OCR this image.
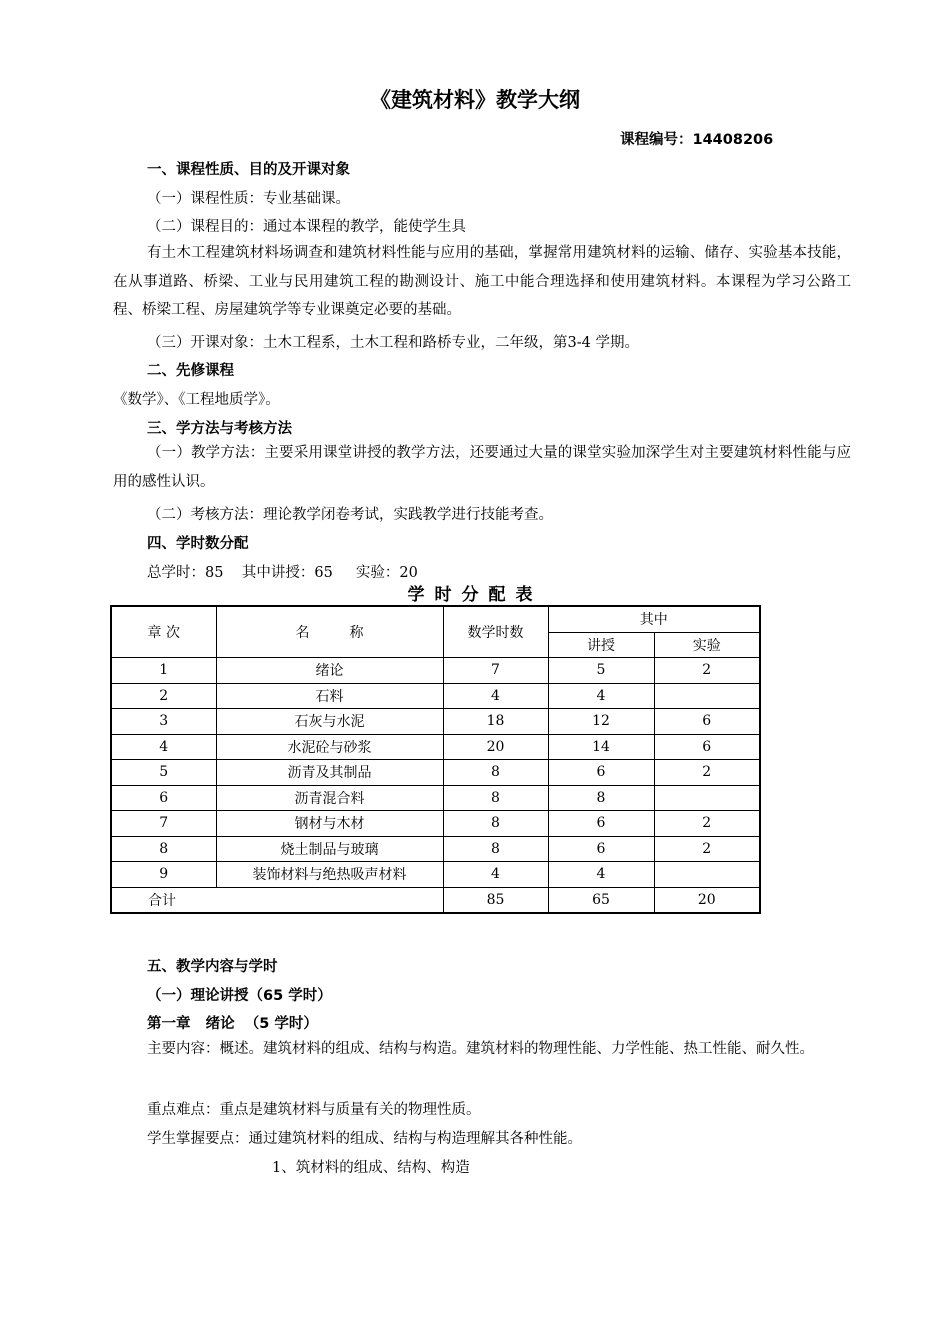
《建筑材料》教学大纲
课程编号：14408206
一、课程性质、目的及开课对象
（一）课程性质：专业基础课。
（二）课程目的：通过本课程的教学，能使学生具
有土木工程建筑材料场调查和建筑材料性能与应用的基础，掌握常用建筑材料的运输、储存、实验基本技能，在从事道路、桥梁、工业与民用建筑工程的勘测设计、施工中能合理选择和使用建筑材料。本课程为学习公路工程、桥梁工程、房屋建筑学等专业课奠定必要的基础。
（三）开课对象：土木工程系，土木工程和路桥专业，二年级，第3-4 学期。
二、先修课程
《数学》、《工程地质学》。
三、学方法与考核方法
（一）教学方法：主要采用课堂讲授的教学方法，还要通过大量的课堂实验加深学生对主要建筑材料性能与应用的感性认识。
（二）考核方法：理论教学闭卷考试，实践教学进行技能考查。
四、学时数分配
总学时：85    其中讲授：65     实验：20
学时分配表
章 次	名         称	数学时数	其中	
			讲授	实验
1	绪论	7	5	2
2	石料	4	4	
3	石灰与水泥	18	12	6
4	水泥砼与砂浆	20	14	6
5	沥青及其制品	8	6	2
6	沥青混合料	8	8	
7	钢材与木材	8	6	2
8	烧土制品与玻璃	8	6	2
9	装饰材料与绝热吸声材料	4	4	
合计		85	65	20
五、教学内容与学时
（一）理论讲授（65 学时）
第一章   绪论  （5 学时）
主要内容：概述。建筑材料的组成、结构与构造。建筑材料的物理性能、力学性能、热工性能、耐久性。
重点难点：重点是建筑材料与质量有关的物理性质。
学生掌握要点：通过建筑材料的组成、结构与构造理解其各种性能。
1、筑材料的组成、结构、构造
